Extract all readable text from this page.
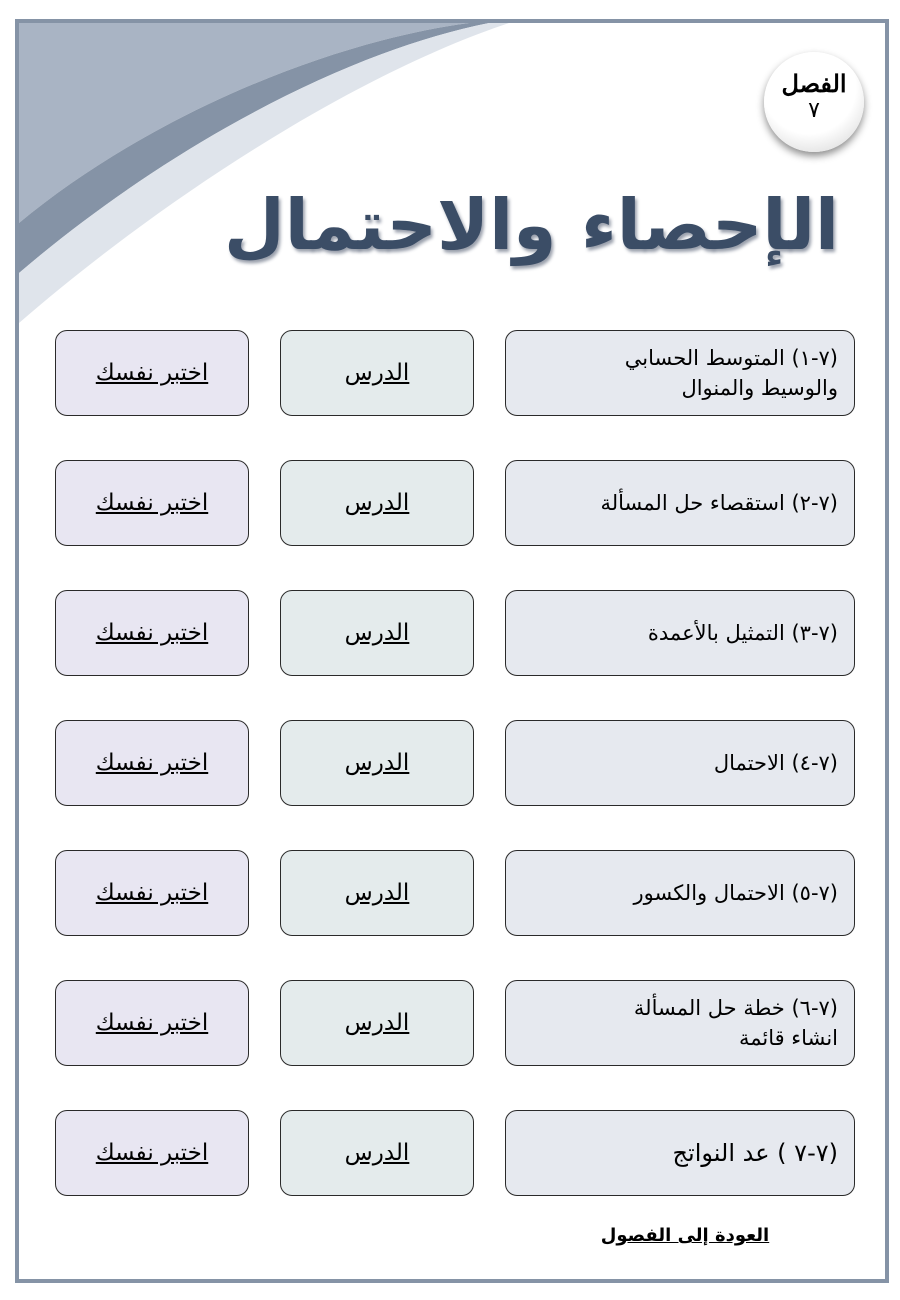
الفصل
٧
الإحصاء والاحتمال
(٧-١) المتوسط الحسابي
والوسيط والمنوال
الدرس
اختبر نفسك
(٧-٢) استقصاء حل المسألة
الدرس
اختبر نفسك
(٧-٣) التمثيل بالأعمدة
الدرس
اختبر نفسك
(٧-٤) الاحتمال
الدرس
اختبر نفسك
(٧-٥) الاحتمال والكسور
الدرس
اختبر نفسك
(٧-٦) خطة حل المسألة
انشاء قائمة
الدرس
اختبر نفسك
(٧-٧ ) عد النواتج
الدرس
اختبر نفسك
العودة إلى الفصول
